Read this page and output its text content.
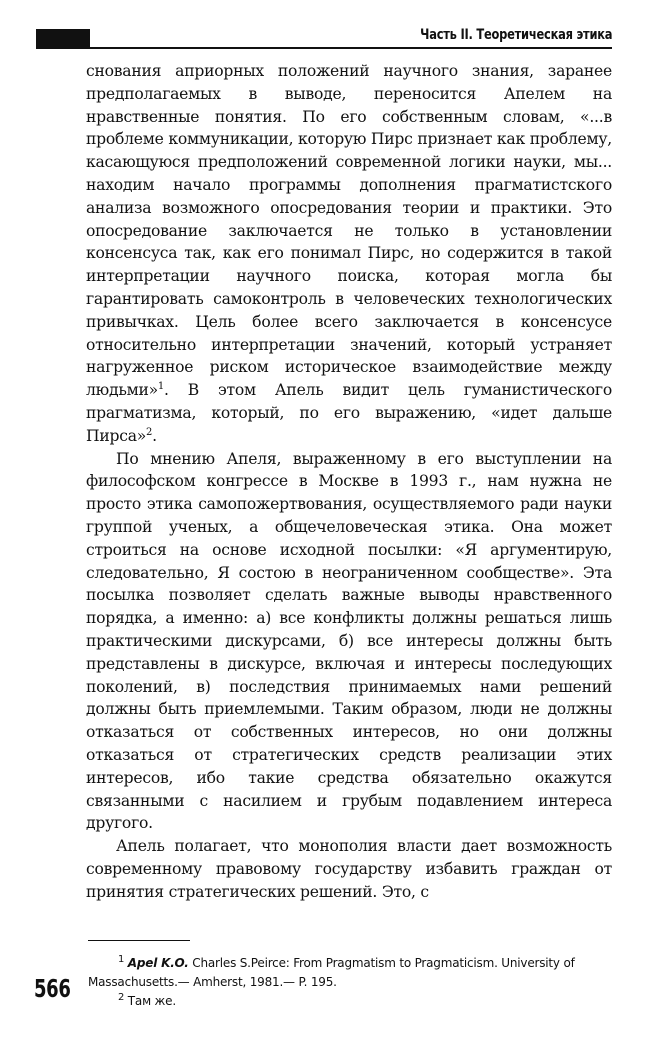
Часть II. Теоретическая этика

снования априорных положений научного знания, заранее предполагаемых в выводе, переносится Апелем на нравственные понятия. По его собственным словам, «...в проблеме коммуникации, которую Пирс признает как проблему, касающуюся предположений современной логики науки, мы... находим начало программы дополнения прагматистского анализа возможного опосредования теории и практики. Это опосредование заключается не только в установлении консенсуса так, как его понимал Пирс, но содержится в такой интерпретации научного поиска, которая могла бы гарантировать самоконтроль в человеческих технологических привычках. Цель более всего заключается в консенсусе относительно интерпретации значений, который устраняет нагруженное риском историческое взаимодействие между людьми»$^1$. В этом Апель видит цель гуманистического прагматизма, который, по его выражению, «идет дальше Пирса»$^2$.

По мнению Апеля, выраженному в его выступлении на философском конгрессе в Москве в 1993 г., нам нужна не просто этика самопожертвования, осуществляемого ради науки группой ученых, а общечеловеческая этика. Она может строиться на основе исходной посылки: «Я аргументирую, следовательно, Я состою в неограниченном сообществе». Эта посылка позволяет сделать важные выводы нравственного порядка, а именно: а) все конфликты должны решаться лишь практическими дискурсами, б) все интересы должны быть представлены в дискурсе, включая и интересы последующих поколений, в) последствия принимаемых нами решений должны быть приемлемыми. Таким образом, люди не должны отказаться от собственных интересов, но они должны отказаться от стратегических средств реализации этих интересов, ибо такие средства обязательно окажутся связанными с насилием и грубым подавлением интереса другого.

Апель полагает, что монополия власти дает возможность современному правовому государству избавить граждан от принятия стратегических решений. Это, с

$^1$ Apel K.O. Charles S.Peirce: From Pragmatism to Pragmaticism. University of Massachusetts.— Amherst, 1981.— P. 195.

$^2$ Там же.

566
